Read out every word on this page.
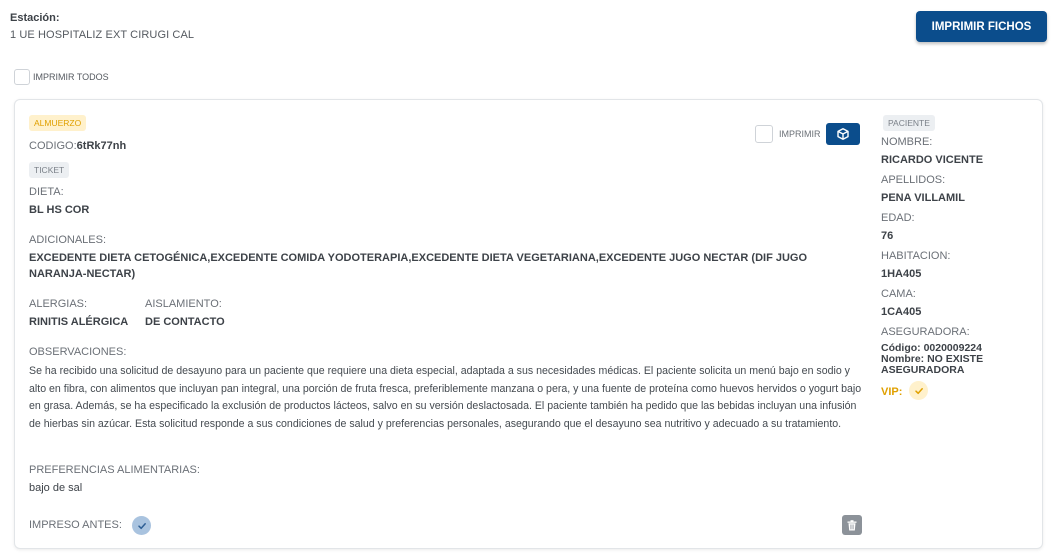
Estación:
1 UE HOSPITALIZ EXT CIRUGI CAL
IMPRIMIR FICHOS
IMPRIMIR TODOS
ALMUERZO
CODIGO:6tRk77nh
TICKET
IMPRIMIR
DIETA:
BL HS COR
ADICIONALES:
EXCEDENTE DIETA CETOGÉNICA,EXCEDENTE COMIDA YODOTERAPIA,EXCEDENTE DIETA VEGETARIANA,EXCEDENTE JUGO NECTAR (DIF JUGO NARANJA-NECTAR)
ALERGIAS:
RINITIS ALÉRGICA
AISLAMIENTO:
DE CONTACTO
OBSERVACIONES:
Se ha recibido una solicitud de desayuno para un paciente que requiere una dieta especial, adaptada a sus necesidades médicas. El paciente solicita un menú bajo en sodio y alto en fibra, con alimentos que incluyan pan integral, una porción de fruta fresca, preferiblemente manzana o pera, y una fuente de proteína como huevos hervidos o yogurt bajo en grasa. Además, se ha especificado la exclusión de productos lácteos, salvo en su versión deslactosada. El paciente también ha pedido que las bebidas incluyan una infusión de hierbas sin azúcar. Esta solicitud responde a sus condiciones de salud y preferencias personales, asegurando que el desayuno sea nutritivo y adecuado a su tratamiento.
PREFERENCIAS ALIMENTARIAS:
bajo de sal
IMPRESO ANTES:
PACIENTE
NOMBRE:
RICARDO VICENTE
APELLIDOS:
PENA VILLAMIL
EDAD:
76
HABITACION:
1HA405
CAMA:
1CA405
ASEGURADORA:
Código: 0020009224
Nombre: NO EXISTE
ASEGURADORA
VIP:
